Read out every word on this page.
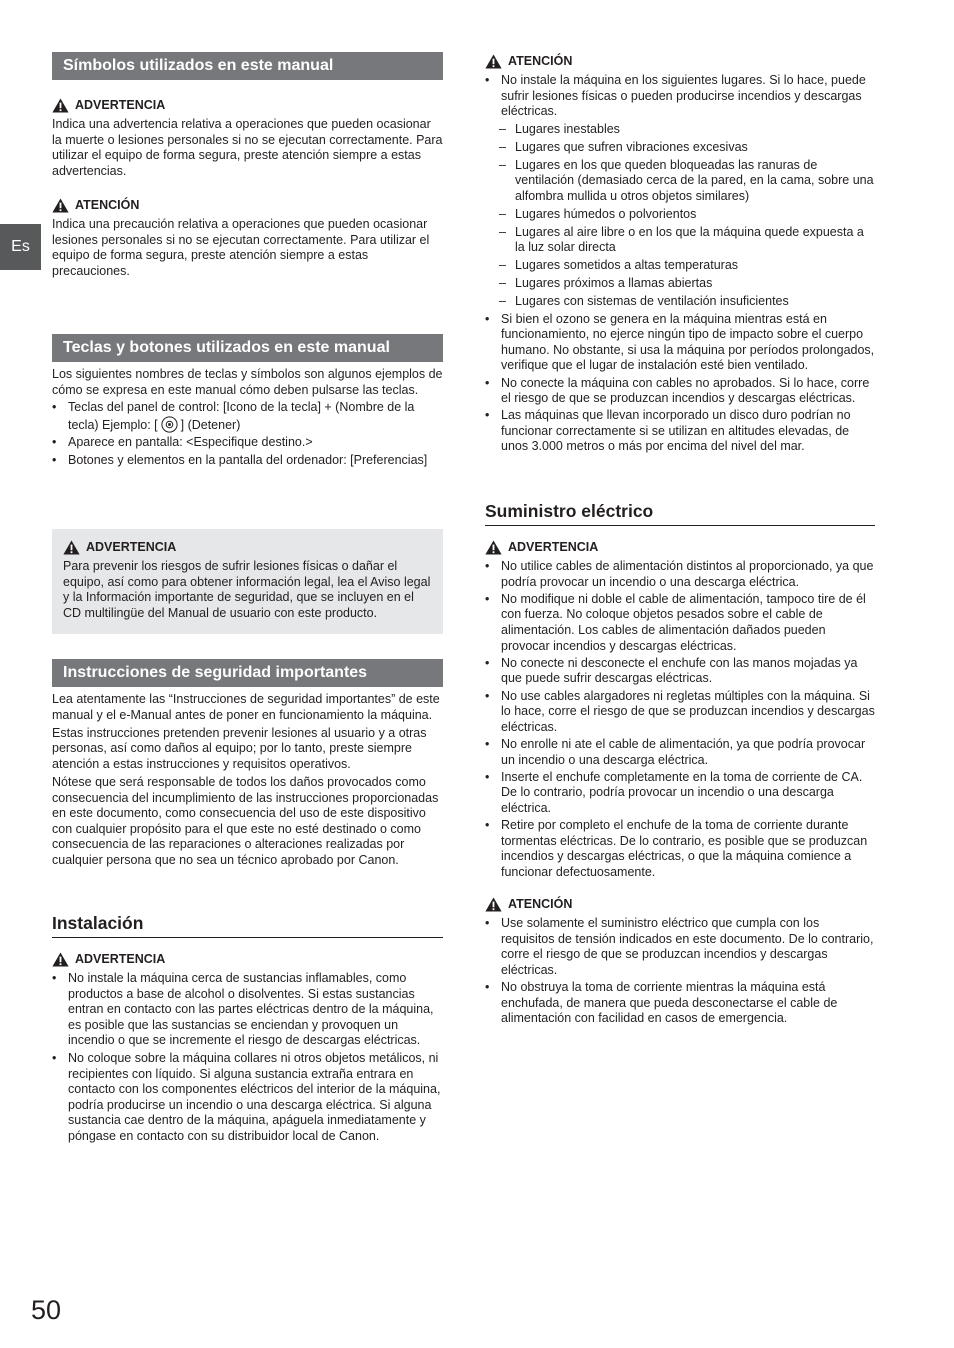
Es
Símbolos utilizados en este manual
ADVERTENCIA
Indica una advertencia relativa a operaciones que pueden ocasionar la muerte o lesiones personales si no se ejecutan correctamente. Para utilizar el equipo de forma segura, preste atención siempre a estas advertencias.
ATENCIÓN
Indica una precaución relativa a operaciones que pueden ocasionar lesiones personales si no se ejecutan correctamente. Para utilizar el equipo de forma segura, preste atención siempre a estas precauciones.
Teclas y botones utilizados en este manual

Los siguientes nombres de teclas y símbolos son algunos ejemplos de cómo se expresa en este manual cómo deben pulsarse las teclas.

• Teclas del panel de control: [Icono de la tecla] + (Nombre de la tecla) Ejemplo: [ ] (Detener)
• Aparece en pantalla: <Especifique destino.>
• Botones y elementos en la pantalla del ordenador: [Preferencias]
ADVERTENCIA
Para prevenir los riesgos de sufrir lesiones físicas o dañar el equipo, así como para obtener información legal, lea el Aviso legal y la Información importante de seguridad, que se incluyen en el CD multilingüe del Manual de usuario con este producto.
Instrucciones de seguridad importantes

Lea atentamente las “Instrucciones de seguridad importantes” de este manual y el e-Manual antes de poner en funcionamiento la máquina.

Estas instrucciones pretenden prevenir lesiones al usuario y a otras personas, así como daños al equipo; por lo tanto, preste siempre atención a estas instrucciones y requisitos operativos.

Nótese que será responsable de todos los daños provocados como consecuencia del incumplimiento de las instrucciones proporcionadas en este documento, como consecuencia del uso de este dispositivo con cualquier propósito para el que este no esté destinado o como consecuencia de las reparaciones o alteraciones realizadas por cualquier persona que no sea un técnico aprobado por Canon.

Instalación
ADVERTENCIA
• No instale la máquina cerca de sustancias inflamables, como productos a base de alcohol o disolventes. Si estas sustancias entran en contacto con las partes eléctricas dentro de la máquina, es posible que las sustancias se enciendan y provoquen un incendio o que se incremente el riesgo de descargas eléctricas.
• No coloque sobre la máquina collares ni otros objetos metálicos, ni recipientes con líquido. Si alguna sustancia extraña entrara en contacto con los componentes eléctricos del interior de la máquina, podría producirse un incendio o una descarga eléctrica. Si alguna sustancia cae dentro de la máquina, apáguela inmediatamente y póngase en contacto con su distribuidor local de Canon.
ATENCIÓN
• No instale la máquina en los siguientes lugares. Si lo hace, puede sufrir lesiones físicas o pueden producirse incendios y descargas eléctricas.
– Lugares inestables
– Lugares que sufren vibraciones excesivas
– Lugares en los que queden bloqueadas las ranuras de ventilación (demasiado cerca de la pared, en la cama, sobre una alfombra mullida u otros objetos similares)
– Lugares húmedos o polvorientos
– Lugares al aire libre o en los que la máquina quede expuesta a la luz solar directa
– Lugares sometidos a altas temperaturas
– Lugares próximos a llamas abiertas
– Lugares con sistemas de ventilación insuficientes
• Si bien el ozono se genera en la máquina mientras está en funcionamiento, no ejerce ningún tipo de impacto sobre el cuerpo humano. No obstante, si usa la máquina por períodos prolongados, verifique que el lugar de instalación esté bien ventilado.
• No conecte la máquina con cables no aprobados. Si lo hace, corre el riesgo de que se produzcan incendios y descargas eléctricas.
• Las máquinas que llevan incorporado un disco duro podrían no funcionar correctamente si se utilizan en altitudes elevadas, de unos 3.000 metros o más por encima del nivel del mar.
Suministro eléctrico
ADVERTENCIA
• No utilice cables de alimentación distintos al proporcionado, ya que podría provocar un incendio o una descarga eléctrica.
• No modifique ni doble el cable de alimentación, tampoco tire de él con fuerza. No coloque objetos pesados sobre el cable de alimentación. Los cables de alimentación dañados pueden provocar incendios y descargas eléctricas.
• No conecte ni desconecte el enchufe con las manos mojadas ya que puede sufrir descargas eléctricas.
• No use cables alargadores ni regletas múltiples con la máquina. Si lo hace, corre el riesgo de que se produzcan incendios y descargas eléctricas.
• No enrolle ni ate el cable de alimentación, ya que podría provocar un incendio o una descarga eléctrica.
• Inserte el enchufe completamente en la toma de corriente de CA. De lo contrario, podría provocar un incendio o una descarga eléctrica.
• Retire por completo el enchufe de la toma de corriente durante tormentas eléctricas. De lo contrario, es posible que se produzcan incendios y descargas eléctricas, o que la máquina comience a funcionar defectuosamente.
ATENCIÓN
• Use solamente el suministro eléctrico que cumpla con los requisitos de tensión indicados en este documento. De lo contrario, corre el riesgo de que se produzcan incendios y descargas eléctricas.
• No obstruya la toma de corriente mientras la máquina está enchufada, de manera que pueda desconectarse el cable de alimentación con facilidad en casos de emergencia.
50
